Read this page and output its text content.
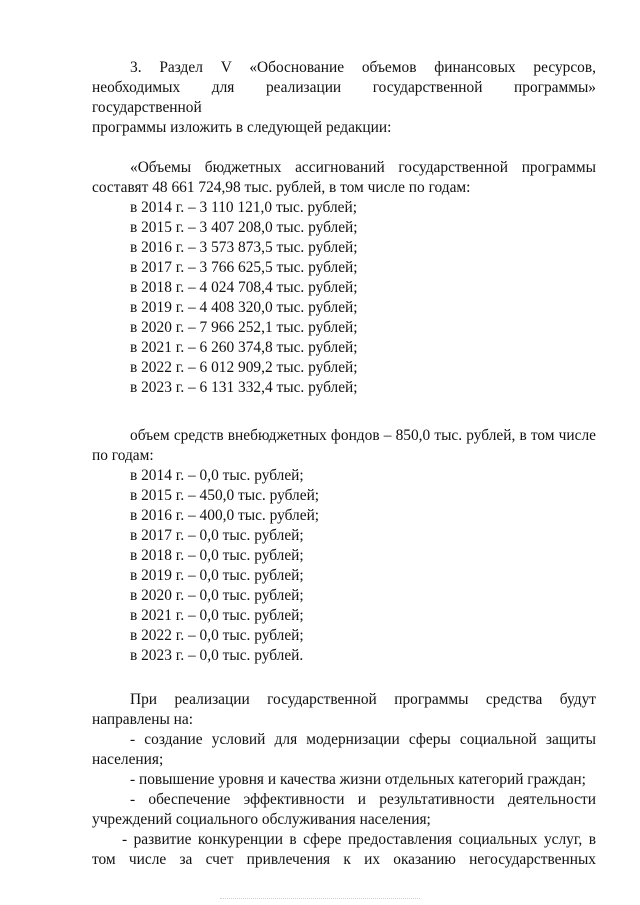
3. Раздел V «Обоснование объемов финансовых ресурсов,
необходимых для реализации государственной программы» государственной
программы изложить в следующей редакции:
«Объемы бюджетных ассигнований государственной программы
составят 48 661 724,98 тыс. рублей, в том числе по годам:
в 2014 г. – 3 110 121,0 тыс. рублей;
в 2015 г. – 3 407 208,0 тыс. рублей;
в 2016 г. – 3 573 873,5 тыс. рублей;
в 2017 г. – 3 766 625,5 тыс. рублей;
в 2018 г. – 4 024 708,4 тыс. рублей;
в 2019 г. – 4 408 320,0 тыс. рублей;
в 2020 г. – 7 966 252,1 тыс. рублей;
в 2021 г. – 6 260 374,8 тыс. рублей;
в 2022 г. – 6 012 909,2 тыс. рублей;
в 2023 г. – 6 131 332,4 тыс. рублей;
объем средств внебюджетных фондов – 850,0 тыс. рублей, в том числе
по годам:
в 2014 г. – 0,0 тыс. рублей;
в 2015 г. – 450,0 тыс. рублей;
в 2016 г. – 400,0 тыс. рублей;
в 2017 г. – 0,0 тыс. рублей;
в 2018 г. – 0,0 тыс. рублей;
в 2019 г. – 0,0 тыс. рублей;
в 2020 г. – 0,0 тыс. рублей;
в 2021 г. – 0,0 тыс. рублей;
в 2022 г. – 0,0 тыс. рублей;
в 2023 г. – 0,0 тыс. рублей.
При реализации государственной программы средства будут
направлены на:
- создание условий для модернизации сферы социальной защиты
населения;
- повышение уровня и качества жизни отдельных категорий граждан;
- обеспечение эффективности и результативности деятельности
учреждений социального обслуживания населения;
- развитие конкуренции в сфере предоставления социальных услуг, в
том числе за счет привлечения к их оказанию негосударственных
